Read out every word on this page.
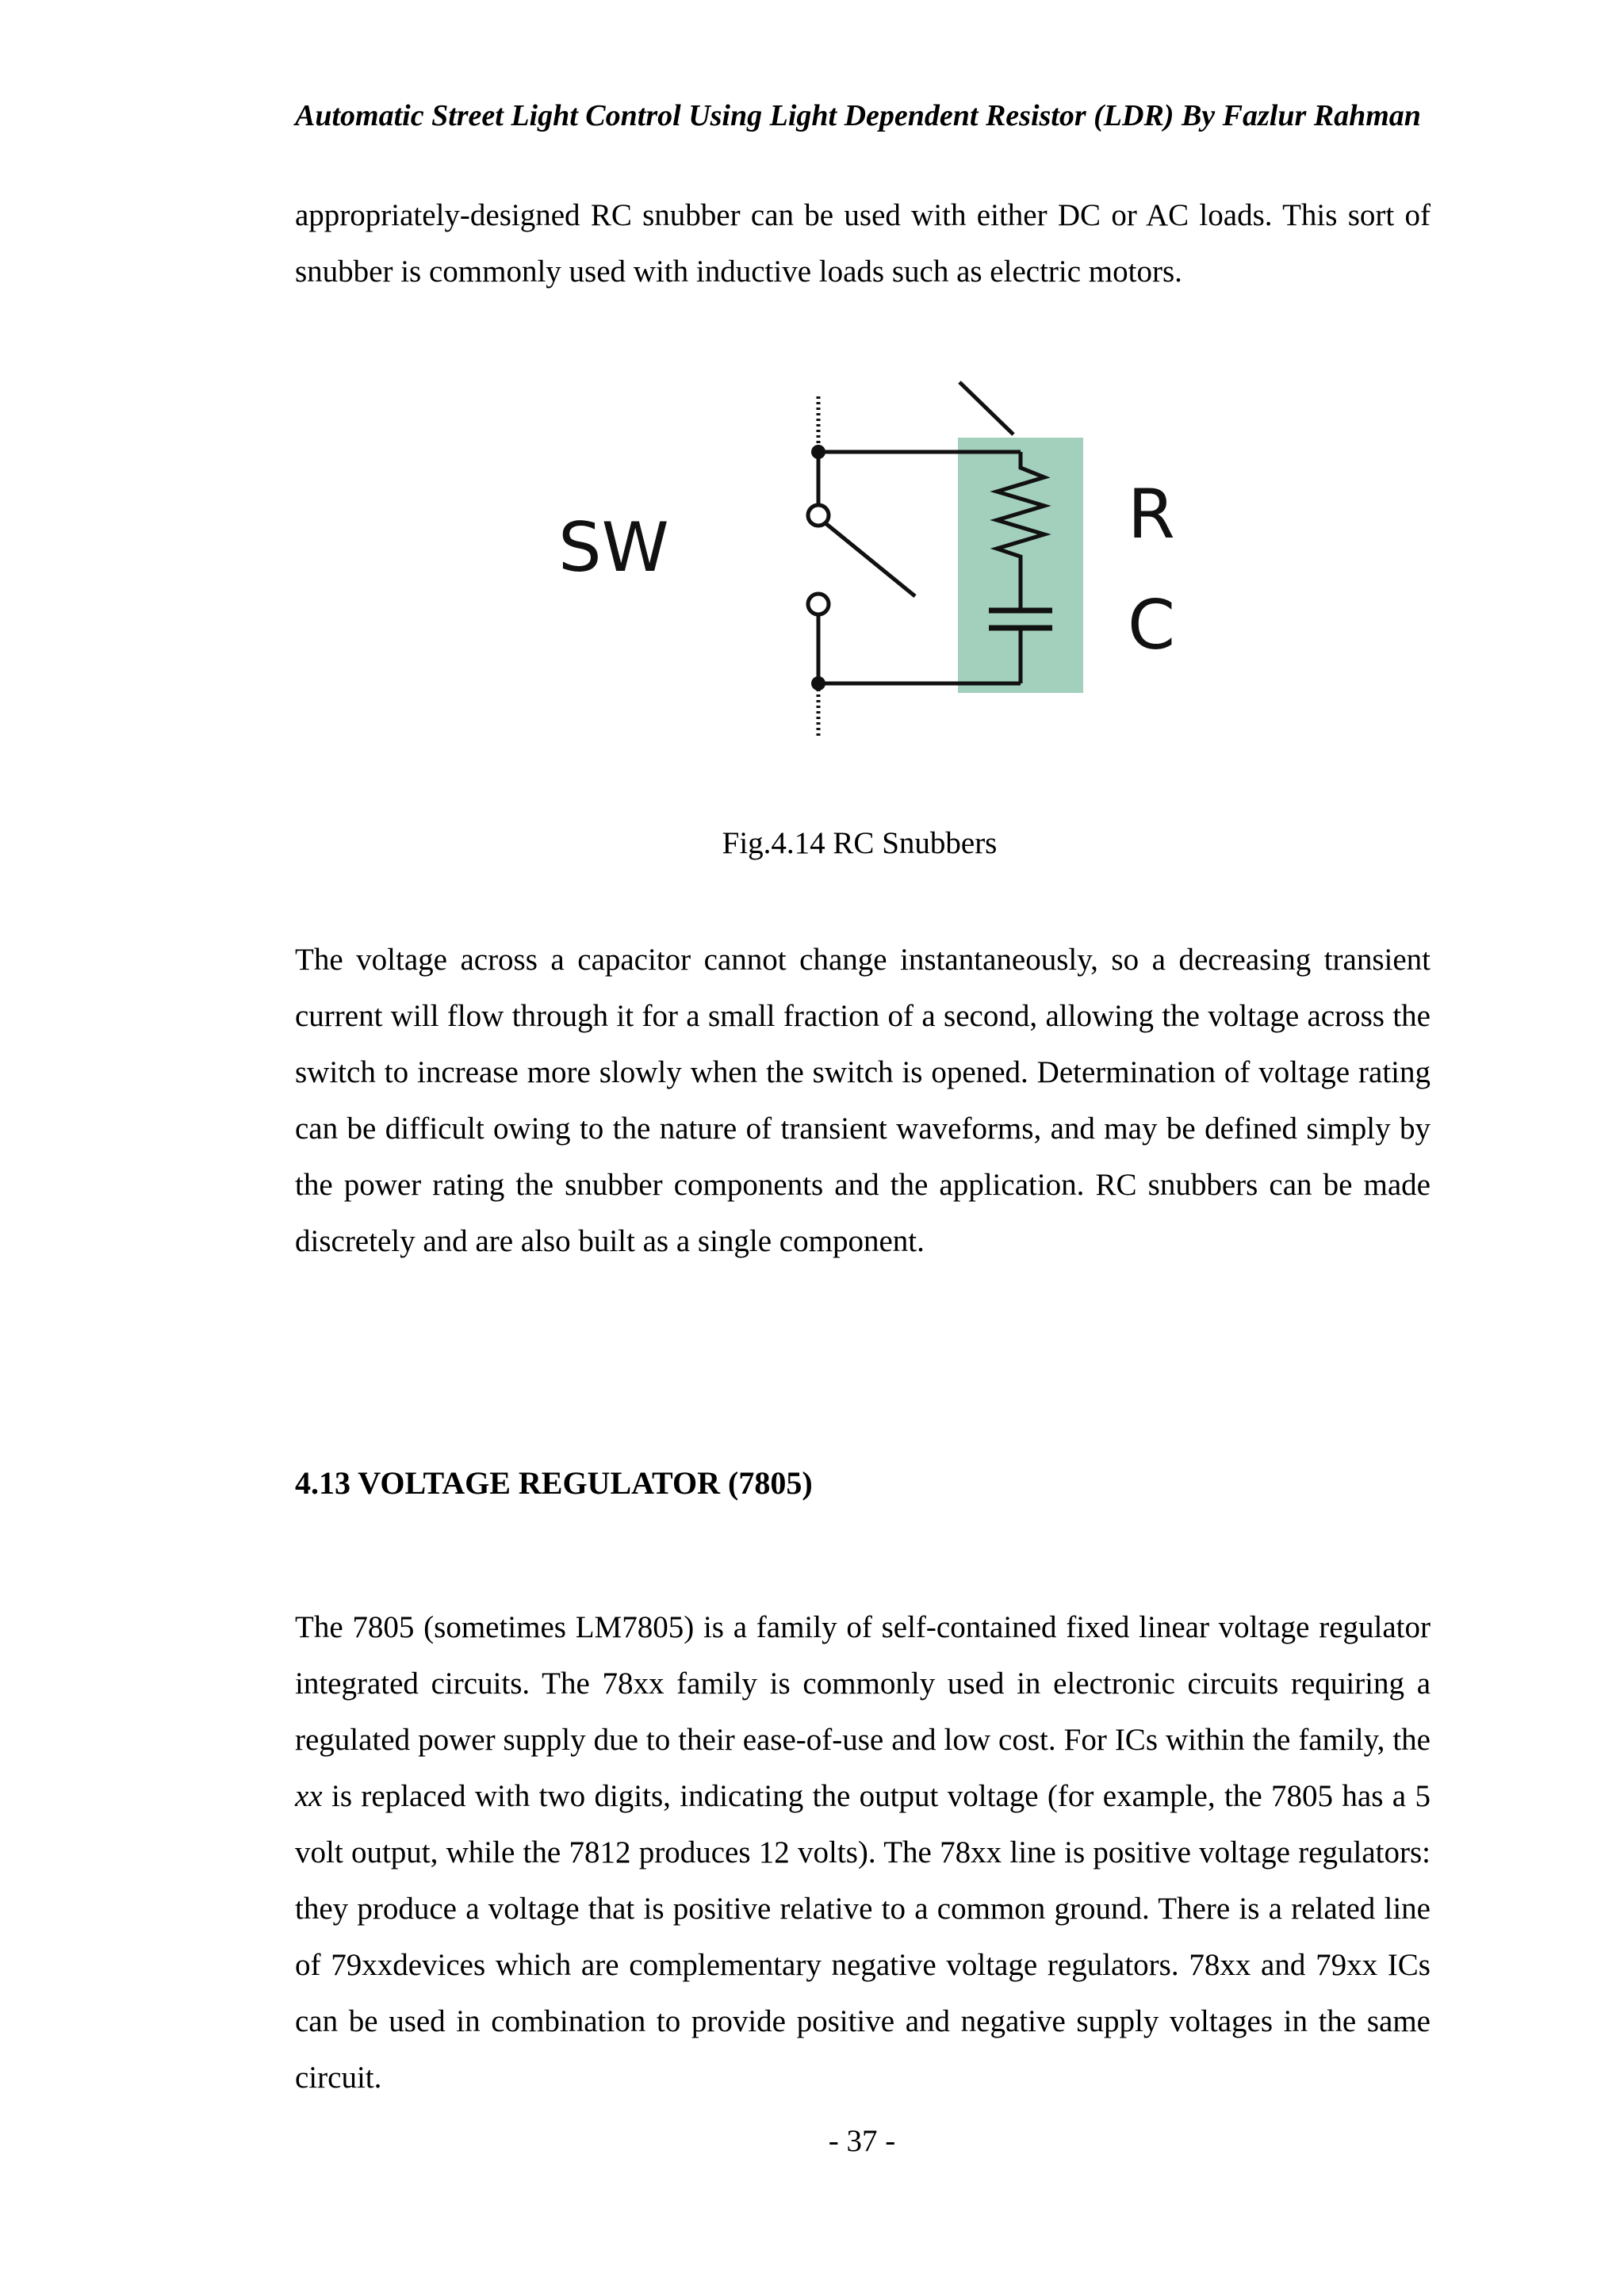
Automatic Street Light Control Using Light Dependent Resistor (LDR) By Fazlur Rahman

appropriately-designed RC snubber can be used with either DC or AC loads. This sort of snubber is commonly used with inductive loads such as electric motors.

SW	R
C
Fig.4.14 RC Snubbers

The voltage across a capacitor cannot change instantaneously, so a decreasing transient current will flow through it for a small fraction of a second, allowing the voltage across the switch to increase more slowly when the switch is opened. Determination of voltage rating can be difficult owing to the nature of transient waveforms, and may be defined simply by the power rating the snubber components and the application. RC snubbers can be made discretely and are also built as a single component.

4.13 VOLTAGE REGULATOR (7805)

The 7805 (sometimes LM7805) is a family of self-contained fixed linear voltage regulator integrated circuits. The 78xx family is commonly used in electronic circuits requiring a regulated power supply due to their ease-of-use and low cost. For ICs within the family, the xx is replaced with two digits, indicating the output voltage (for example, the 7805 has a 5 volt output, while the 7812 produces 12 volts). The 78xx line is positive voltage regulators: they produce a voltage that is positive relative to a common ground. There is a related line of 79xxdevices which are complementary negative voltage regulators. 78xx and 79xx ICs can be used in combination to provide positive and negative supply voltages in the same circuit.

- 37 -
